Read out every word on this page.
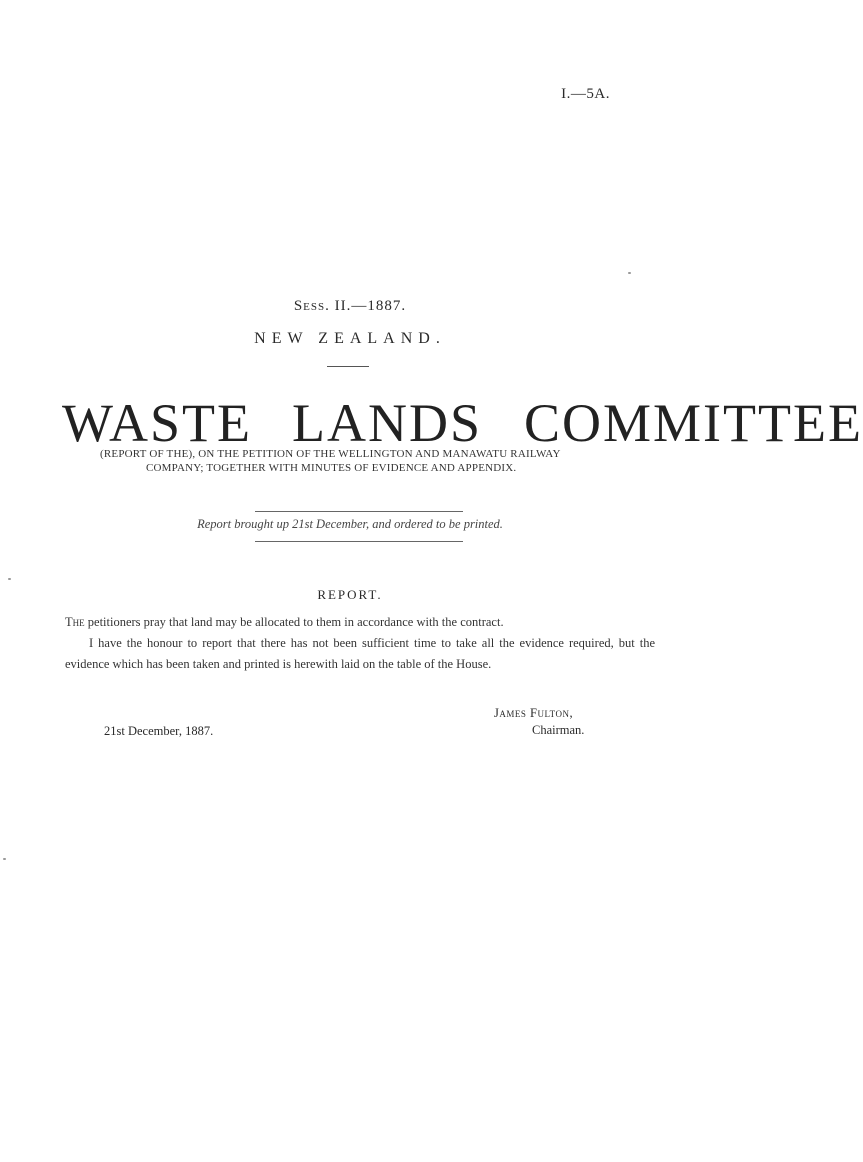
I.—5A.
Sess. II.—1887.
NEW ZEALAND.
WASTE LANDS COMMITTEE
(REPORT OF THE), ON THE PETITION OF THE WELLINGTON AND MANAWATU RAILWAY
COMPANY; TOGETHER WITH MINUTES OF EVIDENCE AND APPENDIX.
Report brought up 21st December, and ordered to be printed.
REPORT.

The petitioners pray that land may be allocated to them in accordance with the contract.

I have the honour to report that there has not been sufficient time to take all the evidence required, but the evidence which has been taken and printed is herewith laid on the table of the House.

James Fulton,
Chairman.
21st December, 1887.
